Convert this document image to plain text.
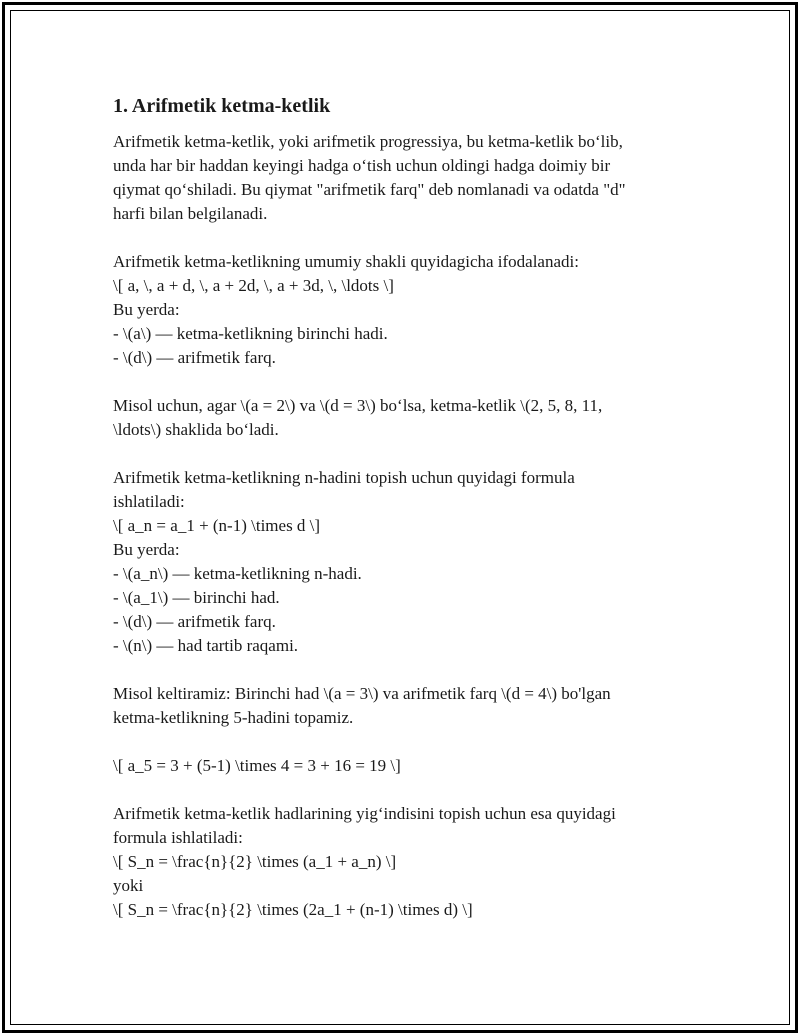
1. Arifmetik ketma-ketlik
Arifmetik ketma-ketlik, yoki arifmetik progressiya, bu ketma-ketlik bo‘lib,
unda har bir haddan keyingi hadga o‘tish uchun oldingi hadga doimiy bir
qiymat qo‘shiladi. Bu qiymat "arifmetik farq" deb nomlanadi va odatda "d"
harfi bilan belgilanadi.
Arifmetik ketma-ketlikning umumiy shakli quyidagicha ifodalanadi:
\[ a, \, a + d, \, a + 2d, \, a + 3d, \, \ldots \]
Bu yerda:
- \(a\) — ketma-ketlikning birinchi hadi.
- \(d\) — arifmetik farq.
Misol uchun, agar \(a = 2\) va \(d = 3\) bo‘lsa, ketma-ketlik \(2, 5, 8, 11,
\ldots\) shaklida bo‘ladi.
Arifmetik ketma-ketlikning n-hadini topish uchun quyidagi formula
ishlatiladi:
\[ a_n = a_1 + (n-1) \times d \]
Bu yerda:
- \(a_n\) — ketma-ketlikning n-hadi.
- \(a_1\) — birinchi had.
- \(d\) — arifmetik farq.
- \(n\) — had tartib raqami.
Misol keltiramiz: Birinchi had \(a = 3\) va arifmetik farq \(d = 4\) bo'lgan
ketma-ketlikning 5-hadini topamiz.
\[ a_5 = 3 + (5-1) \times 4 = 3 + 16 = 19 \]
Arifmetik ketma-ketlik hadlarining yig‘indisini topish uchun esa quyidagi
formula ishlatiladi:
\[ S_n = \frac{n}{2} \times (a_1 + a_n) \]
yoki
\[ S_n = \frac{n}{2} \times (2a_1 + (n-1) \times d) \]
